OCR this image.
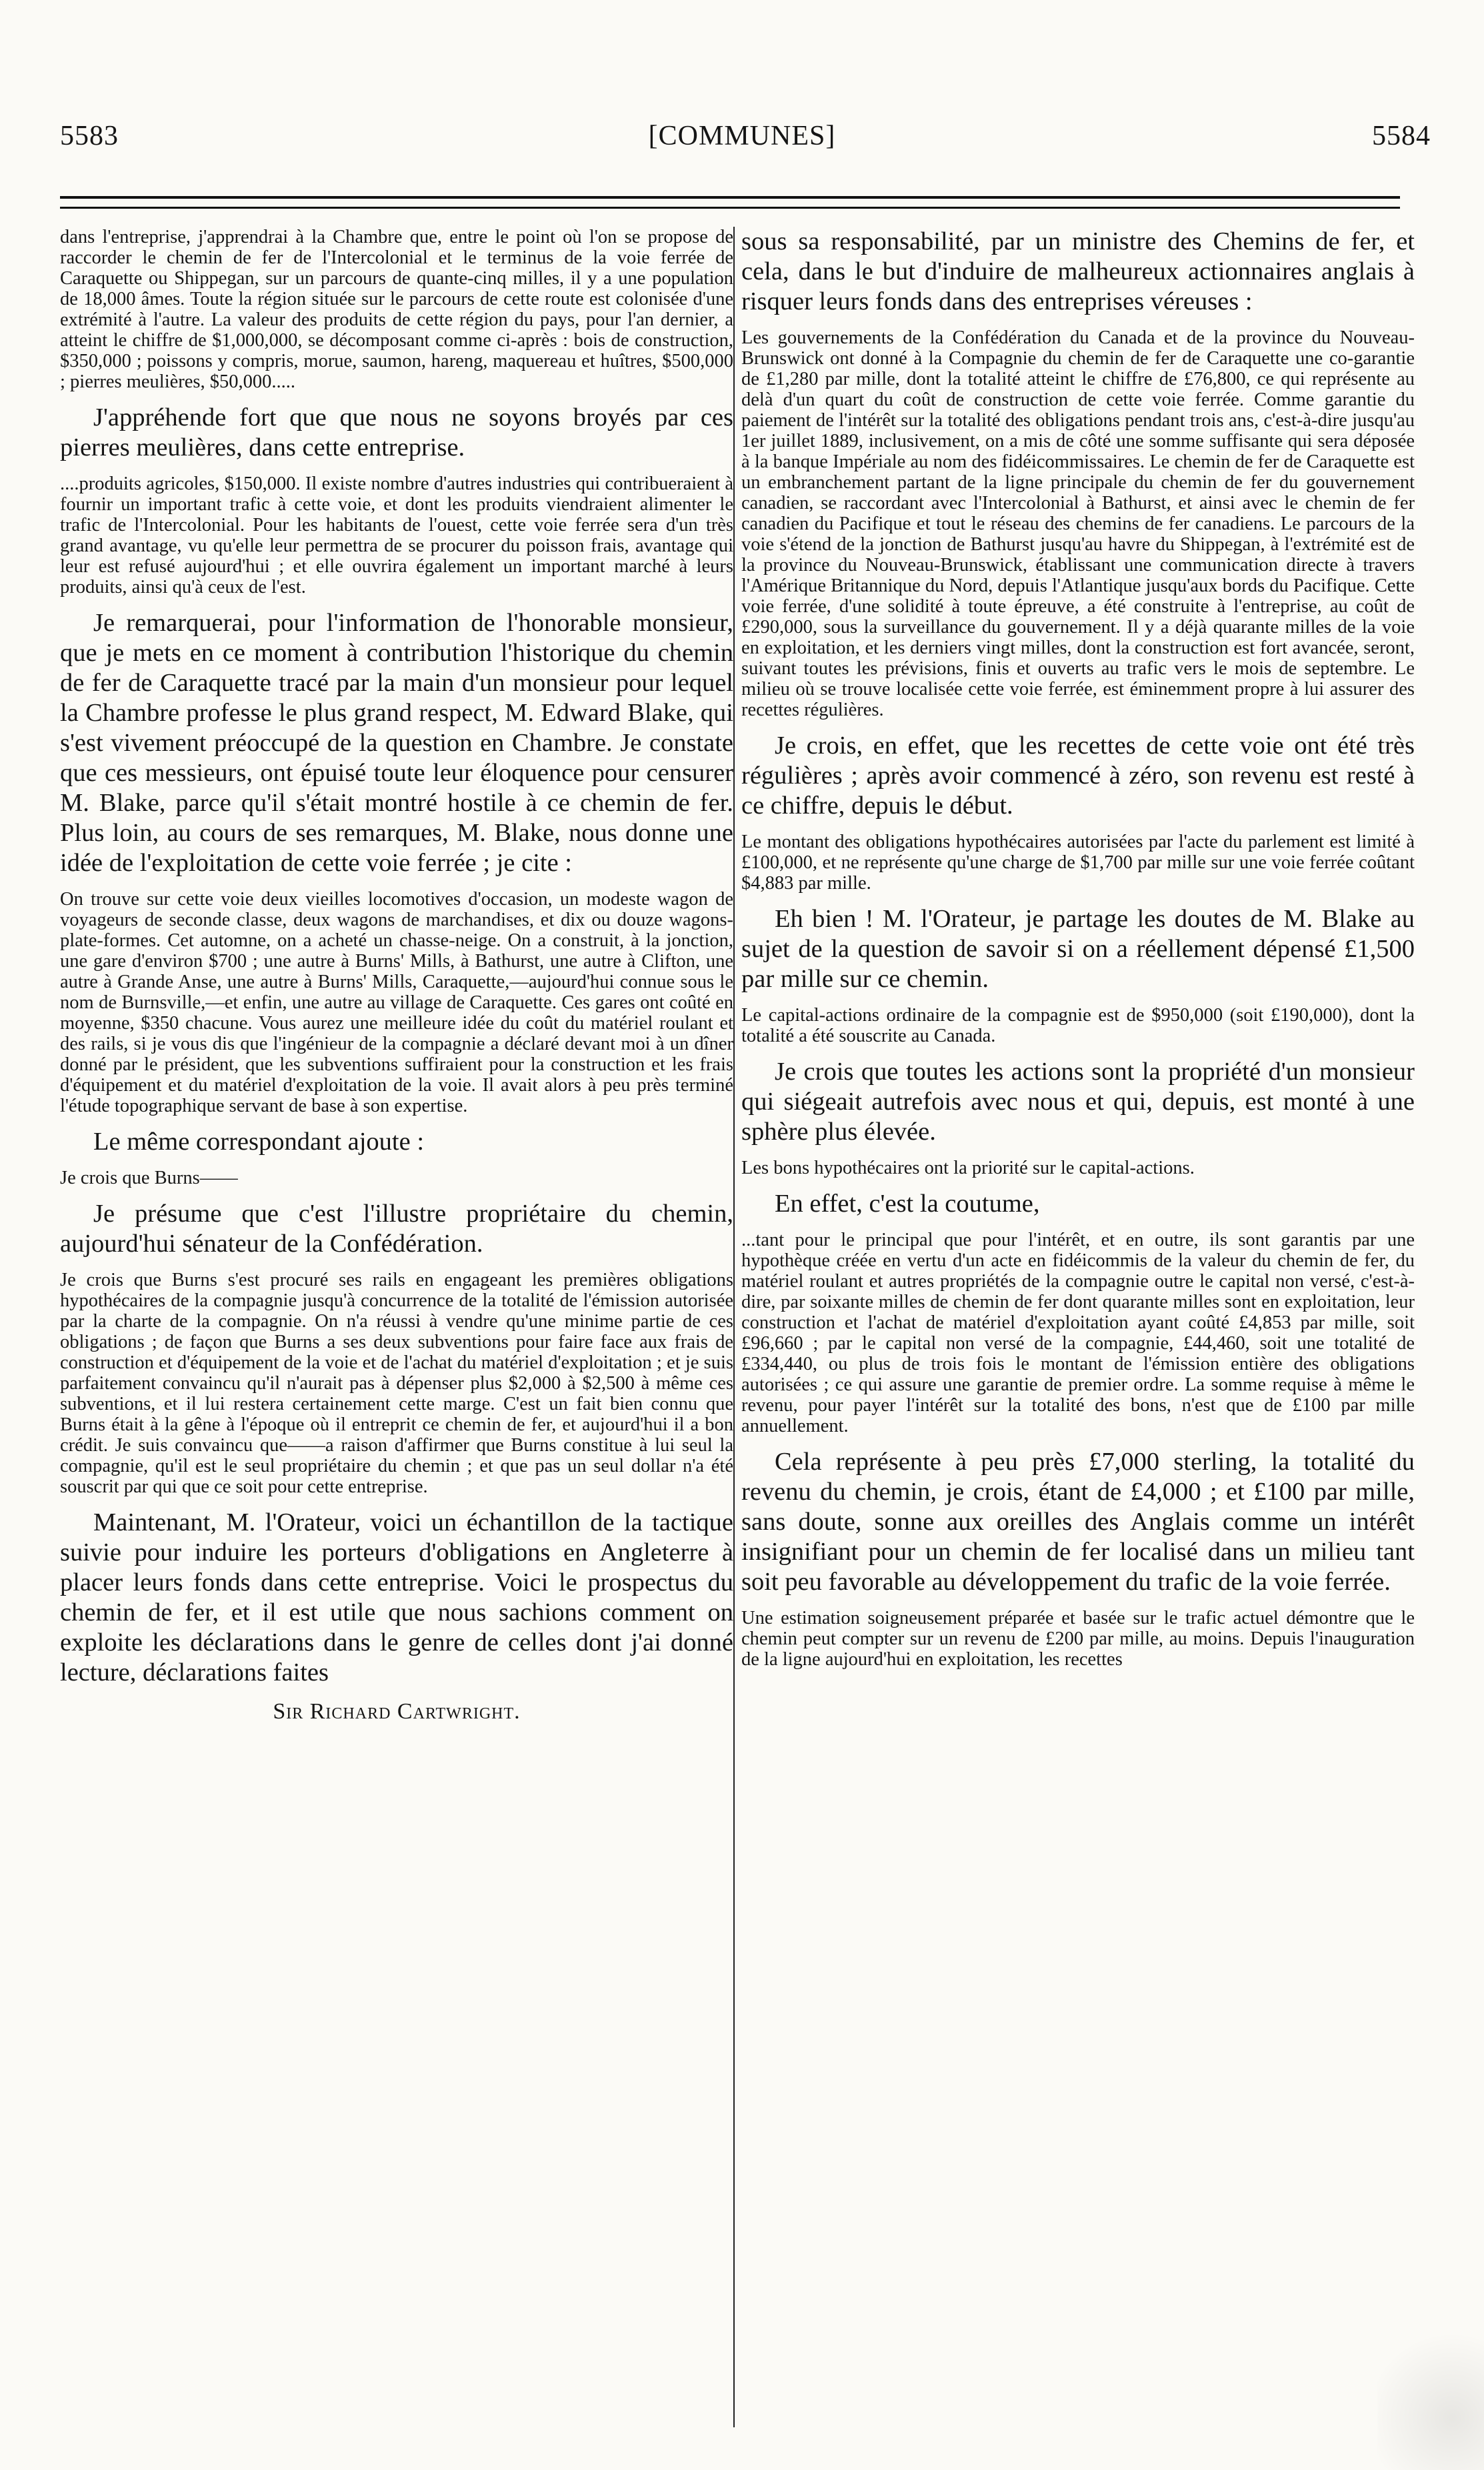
5583	[COMMUNES]	5584

dans l'entreprise, j'apprendrai à la Chambre que, entre le point où l'on se propose de raccorder le chemin de fer de l'Intercolonial et le terminus de la voie ferrée de Caraquette ou Shippegan, sur un parcours de quante-cinq milles, il y a une population de 18,000 âmes. Toute la région située sur le parcours de cette route est colonisée d'une extrémité à l'autre. La valeur des produits de cette région du pays, pour l'an dernier, a atteint le chiffre de $1,000,000, se décomposant comme ci-après : bois de construction, $350,000 ; poissons y compris, morue, saumon, hareng, maquereau et huîtres, $500,000 ; pierres meulières, $50,000.....

J'appréhende fort que que nous ne soyons broyés par ces pierres meulières, dans cette entreprise.

....produits agricoles, $150,000. Il existe nombre d'autres industries qui contribueraient à fournir un important trafic à cette voie, et dont les produits viendraient alimenter le trafic de l'Intercolonial. Pour les habitants de l'ouest, cette voie ferrée sera d'un très grand avantage, vu qu'elle leur permettra de se procurer du poisson frais, avantage qui leur est refusé aujourd'hui ; et elle ouvrira également un important marché à leurs produits, ainsi qu'à ceux de l'est.

Je remarquerai, pour l'information de l'honorable monsieur, que je mets en ce moment à contribution l'historique du chemin de fer de Caraquette tracé par la main d'un monsieur pour lequel la Chambre professe le plus grand respect, M. Edward Blake, qui s'est vivement préoccupé de la question en Chambre. Je constate que ces messieurs, ont épuisé toute leur éloquence pour censurer M. Blake, parce qu'il s'était montré hostile à ce chemin de fer. Plus loin, au cours de ses remarques, M. Blake, nous donne une idée de l'exploitation de cette voie ferrée ; je cite :

On trouve sur cette voie deux vieilles locomotives d'occasion, un modeste wagon de voyageurs de seconde classe, deux wagons de marchandises, et dix ou douze wagons-plate-formes. Cet automne, on a acheté un chasse-neige. On a construit, à la jonction, une gare d'environ $700 ; une autre à Burns' Mills, à Bathurst, une autre à Clifton, une autre à Grande Anse, une autre à Burns' Mills, Caraquette,—aujourd'hui connue sous le nom de Burnsville,—et enfin, une autre au village de Caraquette. Ces gares ont coûté en moyenne, $350 chacune. Vous aurez une meilleure idée du coût du matériel roulant et des rails, si je vous dis que l'ingénieur de la compagnie a déclaré devant moi à un dîner donné par le président, que les subventions suffiraient pour la construction et les frais d'équipement et du matériel d'exploitation de la voie. Il avait alors à peu près terminé l'étude topographique servant de base à son expertise.

Le même correspondant ajoute :

Je crois que Burns——

Je présume que c'est l'illustre propriétaire du chemin, aujourd'hui sénateur de la Confédération.

Je crois que Burns s'est procuré ses rails en engageant les premières obligations hypothécaires de la compagnie jusqu'à concurrence de la totalité de l'émission autorisée par la charte de la compagnie. On n'a réussi à vendre qu'une minime partie de ces obligations ; de façon que Burns a ses deux subventions pour faire face aux frais de construction et d'équipement de la voie et de l'achat du matériel d'exploitation ; et je suis parfaitement convaincu qu'il n'aurait pas à dépenser plus $2,000 à $2,500 à même ces subventions, et il lui restera certainement cette marge. C'est un fait bien connu que Burns était à la gêne à l'époque où il entreprit ce chemin de fer, et aujourd'hui il a bon crédit. Je suis convaincu que——a raison d'affirmer que Burns constitue à lui seul la compagnie, qu'il est le seul propriétaire du chemin ; et que pas un seul dollar n'a été souscrit par qui que ce soit pour cette entreprise.

Maintenant, M. l'Orateur, voici un échantillon de la tactique suivie pour induire les porteurs d'obligations en Angleterre à placer leurs fonds dans cette entreprise. Voici le prospectus du chemin de fer, et il est utile que nous sachions comment on exploite les déclarations dans le genre de celles dont j'ai donné lecture, déclarations faites

Sir Richard Cartwright.

sous sa responsabilité, par un ministre des Chemins de fer, et cela, dans le but d'induire de malheureux actionnaires anglais à risquer leurs fonds dans des entreprises véreuses :

Les gouvernements de la Confédération du Canada et de la province du Nouveau-Brunswick ont donné à la Compagnie du chemin de fer de Caraquette une co-garantie de £1,280 par mille, dont la totalité atteint le chiffre de £76,800, ce qui représente au delà d'un quart du coût de construction de cette voie ferrée. Comme garantie du paiement de l'intérêt sur la totalité des obligations pendant trois ans, c'est-à-dire jusqu'au 1er juillet 1889, inclusivement, on a mis de côté une somme suffisante qui sera déposée à la banque Impériale au nom des fidéicommissaires. Le chemin de fer de Caraquette est un embranchement partant de la ligne principale du chemin de fer du gouvernement canadien, se raccordant avec l'Intercolonial à Bathurst, et ainsi avec le chemin de fer canadien du Pacifique et tout le réseau des chemins de fer canadiens. Le parcours de la voie s'étend de la jonction de Bathurst jusqu'au havre du Shippegan, à l'extrémité est de la province du Nouveau-Brunswick, établissant une communication directe à travers l'Amérique Britannique du Nord, depuis l'Atlantique jusqu'aux bords du Pacifique. Cette voie ferrée, d'une solidité à toute épreuve, a été construite à l'entreprise, au coût de £290,000, sous la surveillance du gouvernement. Il y a déjà quarante milles de la voie en exploitation, et les derniers vingt milles, dont la construction est fort avancée, seront, suivant toutes les prévisions, finis et ouverts au trafic vers le mois de septembre. Le milieu où se trouve localisée cette voie ferrée, est éminemment propre à lui assurer des recettes régulières.

Je crois, en effet, que les recettes de cette voie ont été très régulières ; après avoir commencé à zéro, son revenu est resté à ce chiffre, depuis le début.

Le montant des obligations hypothécaires autorisées par l'acte du parlement est limité à £100,000, et ne représente qu'une charge de $1,700 par mille sur une voie ferrée coûtant $4,883 par mille.

Eh bien ! M. l'Orateur, je partage les doutes de M. Blake au sujet de la question de savoir si on a réellement dépensé £1,500 par mille sur ce chemin.

Le capital-actions ordinaire de la compagnie est de $950,000 (soit £190,000), dont la totalité a été souscrite au Canada.

Je crois que toutes les actions sont la propriété d'un monsieur qui siégeait autrefois avec nous et qui, depuis, est monté à une sphère plus élevée.

Les bons hypothécaires ont la priorité sur le capital-actions.

En effet, c'est la coutume,

...tant pour le principal que pour l'intérêt, et en outre, ils sont garantis par une hypothèque créée en vertu d'un acte en fidéicommis de la valeur du chemin de fer, du matériel roulant et autres propriétés de la compagnie outre le capital non versé, c'est-à-dire, par soixante milles de chemin de fer dont quarante milles sont en exploitation, leur construction et l'achat de matériel d'exploitation ayant coûté £4,853 par mille, soit £96,660 ; par le capital non versé de la compagnie, £44,460, soit une totalité de £334,440, ou plus de trois fois le montant de l'émission entière des obligations autorisées ; ce qui assure une garantie de premier ordre. La somme requise à même le revenu, pour payer l'intérêt sur la totalité des bons, n'est que de £100 par mille annuellement.

Cela représente à peu près £7,000 sterling, la totalité du revenu du chemin, je crois, étant de £4,000 ; et £100 par mille, sans doute, sonne aux oreilles des Anglais comme un intérêt insignifiant pour un chemin de fer localisé dans un milieu tant soit peu favorable au développement du trafic de la voie ferrée.

Une estimation soigneusement préparée et basée sur le trafic actuel démontre que le chemin peut compter sur un revenu de £200 par mille, au moins. Depuis l'inauguration de la ligne aujourd'hui en exploitation, les recettes
